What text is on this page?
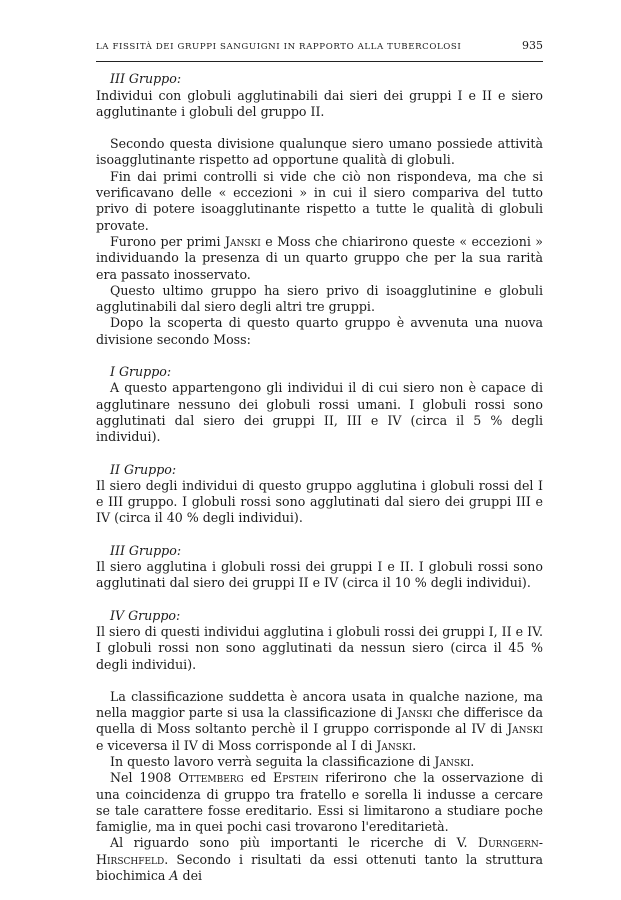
LA FISSITÀ DEI GRUPPI SANGUIGNI IN RAPPORTO ALLA TUBERCOLOSI	935
III Gruppo:

Individui con globuli agglutinabili dai sieri dei gruppi I e II e siero agglutinante i globuli del gruppo II.

Secondo questa divisione qualunque siero umano possiede attività isoagglutinante rispetto ad opportune qualità di globuli.

Fin dai primi controlli si vide che ciò non rispondeva, ma che si verificavano delle « eccezioni » in cui il siero compariva del tutto privo di potere isoagglutinante rispetto a tutte le qualità di globuli provate.

Furono per primi Janski e Moss che chiarirono queste « eccezioni » individuando la presenza di un quarto gruppo che per la sua rarità era passato inosservato.

Questo ultimo gruppo ha siero privo di isoagglutinine e globuli agglutinabili dal siero degli altri tre gruppi.

Dopo la scoperta di questo quarto gruppo è avvenuta una nuova divisione secondo Moss:

I Gruppo:

A questo appartengono gli individui il di cui siero non è capace di agglutinare nessuno dei globuli rossi umani. I globuli rossi sono agglutinati dal siero dei gruppi II, III e IV (circa il 5 % degli individui).

II Gruppo:

Il siero degli individui di questo gruppo agglutina i globuli rossi del I e III gruppo. I globuli rossi sono agglutinati dal siero dei gruppi III e IV (circa il 40 % degli individui).

III Gruppo:

Il siero agglutina i globuli rossi dei gruppi I e II. I globuli rossi sono agglutinati dal siero dei gruppi II e IV (circa il 10 % degli individui).

IV Gruppo:

Il siero di questi individui agglutina i globuli rossi dei gruppi I, II e IV. I globuli rossi non sono agglutinati da nessun siero (circa il 45 % degli individui).

La classificazione suddetta è ancora usata in qualche nazione, ma nella maggior parte si usa la classificazione di Janski che differisce da quella di Moss soltanto perchè il I gruppo corrisponde al IV di Janski e viceversa il IV di Moss corrisponde al I di Janski.

In questo lavoro verrà seguita la classificazione di Janski.

Nel 1908 Ottemberg ed Epstein riferirono che la osservazione di una coincidenza di gruppo tra fratello e sorella li indusse a cercare se tale carattere fosse ereditario. Essi si limitarono a studiare poche famiglie, ma in quei pochi casi trovarono l'ereditarietà.

Al riguardo sono più importanti le ricerche di V. Durngern-Hirschfeld. Secondo i risultati da essi ottenuti tanto la struttura biochimica A dei
